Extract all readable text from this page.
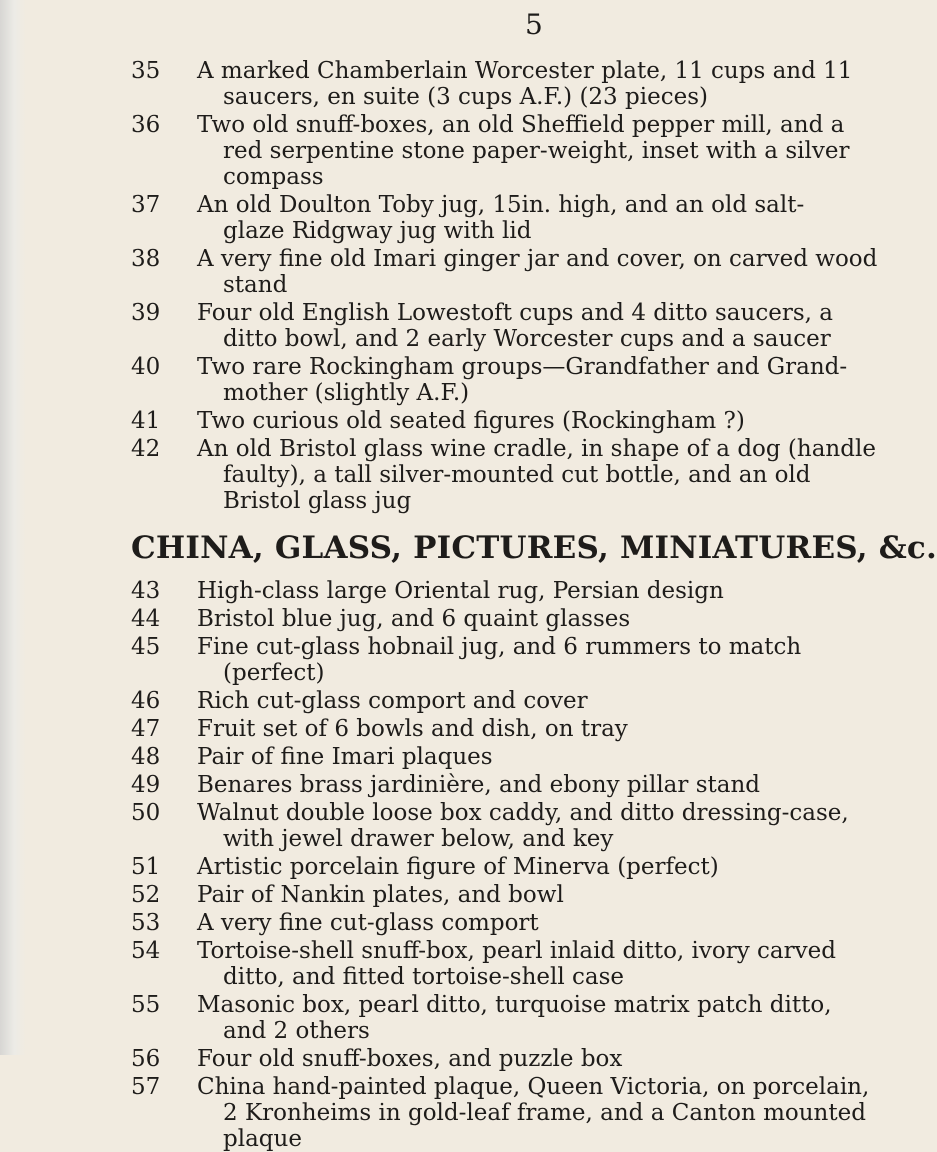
5
35 A marked Chamberlain Worcester plate, 11 cups and 11
saucers, en suite (3 cups A.F.) (23 pieces)
36 Two old snuff-boxes, an old Sheffield pepper mill, and a
red serpentine stone paper-weight, inset with a silver
compass
37 An old Doulton Toby jug, 15in. high, and an old salt-
glaze Ridgway jug with lid
38 A very fine old Imari ginger jar and cover, on carved wood
stand
39 Four old English Lowestoft cups and 4 ditto saucers, a
ditto bowl, and 2 early Worcester cups and a saucer
40 Two rare Rockingham groups—Grandfather and Grand-
mother (slightly A.F.)
41 Two curious old seated figures (Rockingham ?)
42 An old Bristol glass wine cradle, in shape of a dog (handle
faulty), a tall silver-mounted cut bottle, and an old
Bristol glass jug
CHINA, GLASS, PICTURES, MINIATURES, &c.
43 High-class large Oriental rug, Persian design
44 Bristol blue jug, and 6 quaint glasses
45 Fine cut-glass hobnail jug, and 6 rummers to match
(perfect)
46 Rich cut-glass comport and cover
47 Fruit set of 6 bowls and dish, on tray
48 Pair of fine Imari plaques
49 Benares brass jardinière, and ebony pillar stand
50 Walnut double loose box caddy, and ditto dressing-case,
with jewel drawer below, and key
51 Artistic porcelain figure of Minerva (perfect)
52 Pair of Nankin plates, and bowl
53 A very fine cut-glass comport
54 Tortoise-shell snuff-box, pearl inlaid ditto, ivory carved
ditto, and fitted tortoise-shell case
55 Masonic box, pearl ditto, turquoise matrix patch ditto,
and 2 others
56 Four old snuff-boxes, and puzzle box
57 China hand-painted plaque, Queen Victoria, on porcelain,
2 Kronheims in gold-leaf frame, and a Canton mounted
plaque
